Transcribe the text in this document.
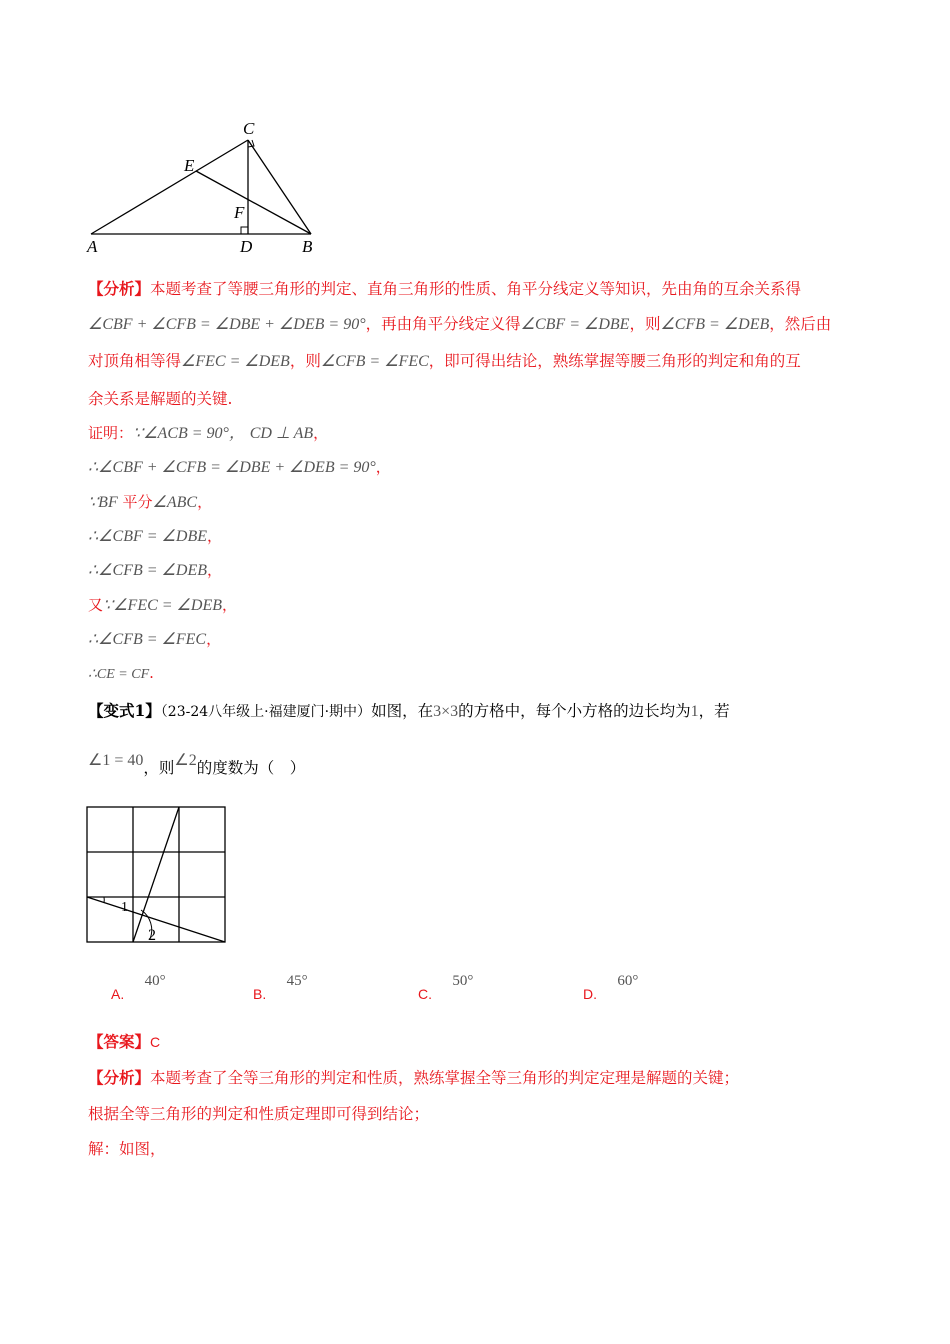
C
E
F
A	D	B
【分析】本题考查了等腰三角形的判定、直角三角形的性质、角平分线定义等知识，先由角的互余关系得
∠CBF + ∠CFB = ∠DBE + ∠DEB = 90°，再由角平分线定义得∠CBF = ∠DBE，则∠CFB = ∠DEB，然后由
对顶角相等得∠FEC = ∠DEB，则∠CFB = ∠FEC，即可得出结论，熟练掌握等腰三角形的判定和角的互
余关系是解题的关键.
证明：∵∠ACB = 90°， CD ⊥ AB，
∴∠CBF + ∠CFB = ∠DBE + ∠DEB = 90°，
∵BF 平分∠ABC，
∴∠CBF = ∠DBE，
∴∠CFB = ∠DEB，
又∵∠FEC = ∠DEB，
∴∠CFB = ∠FEC，
∴CE = CF.
【变式1】（23-24八年级上·福建厦门·期中）如图，在3×3的方格中，每个小方格的边长均为1，若
∠1 = 40，则∠2的度数为（　）
1
2
A.    40°
B.    45°
C.    50°
D.    60°
【答案】C
【分析】本题考查了全等三角形的判定和性质，熟练掌握全等三角形的判定定理是解题的关键；
根据全等三角形的判定和性质定理即可得到结论；
解：如图，
